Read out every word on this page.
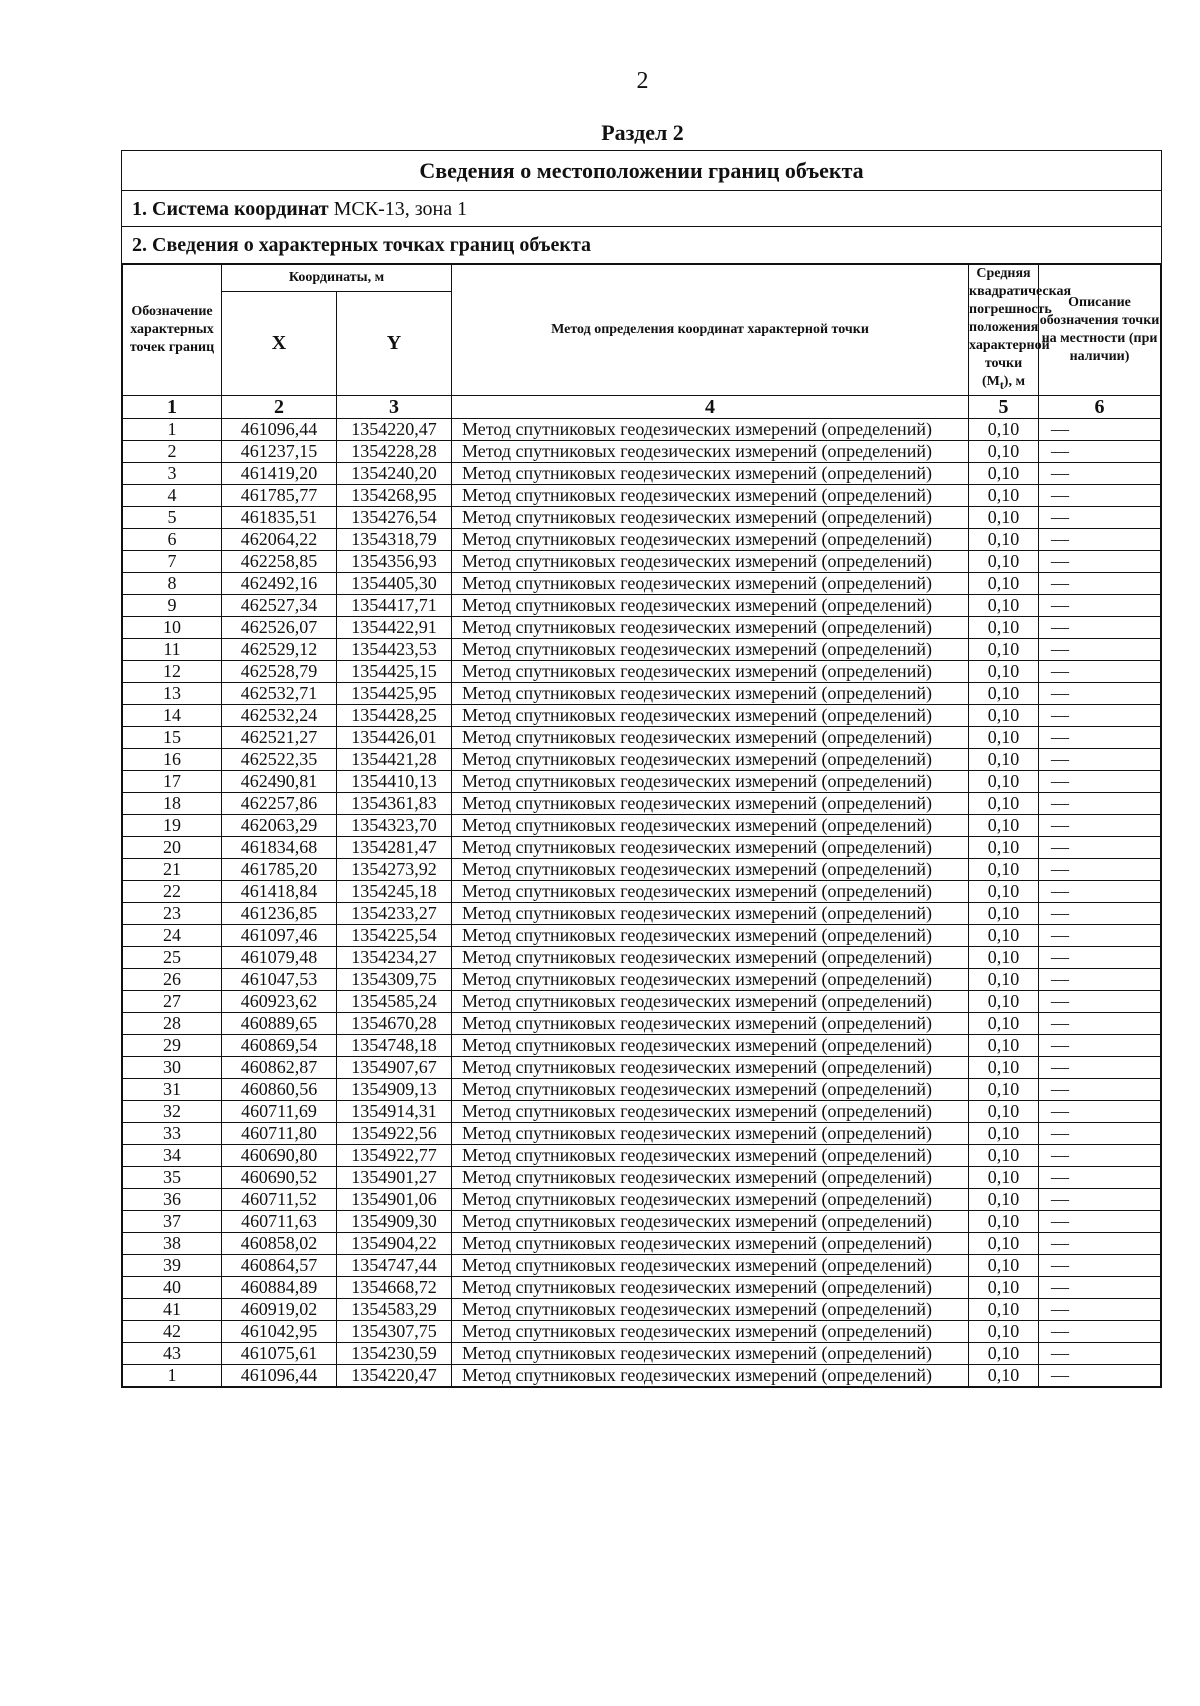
2
Раздел 2
Сведения о местоположении границ объекта
1. Система координат МСК-13, зона 1
2. Сведения о характерных точках границ объекта
Обозначение характерных точек границ	Координаты, м		Метод определения координат характерной точки	Средняя квадратическая погрешность положения характерной точки $(M_t)$, м	Описание обозначения точки на местности (при наличии)
	X	Y			
1	2	3	4	5	6
1	461096,44	1354220,47	Метод спутниковых геодезических измерений (определений)	0,10	—
2	461237,15	1354228,28	Метод спутниковых геодезических измерений (определений)	0,10	—
3	461419,20	1354240,20	Метод спутниковых геодезических измерений (определений)	0,10	—
4	461785,77	1354268,95	Метод спутниковых геодезических измерений (определений)	0,10	—
5	461835,51	1354276,54	Метод спутниковых геодезических измерений (определений)	0,10	—
6	462064,22	1354318,79	Метод спутниковых геодезических измерений (определений)	0,10	—
7	462258,85	1354356,93	Метод спутниковых геодезических измерений (определений)	0,10	—
8	462492,16	1354405,30	Метод спутниковых геодезических измерений (определений)	0,10	—
9	462527,34	1354417,71	Метод спутниковых геодезических измерений (определений)	0,10	—
10	462526,07	1354422,91	Метод спутниковых геодезических измерений (определений)	0,10	—
11	462529,12	1354423,53	Метод спутниковых геодезических измерений (определений)	0,10	—
12	462528,79	1354425,15	Метод спутниковых геодезических измерений (определений)	0,10	—
13	462532,71	1354425,95	Метод спутниковых геодезических измерений (определений)	0,10	—
14	462532,24	1354428,25	Метод спутниковых геодезических измерений (определений)	0,10	—
15	462521,27	1354426,01	Метод спутниковых геодезических измерений (определений)	0,10	—
16	462522,35	1354421,28	Метод спутниковых геодезических измерений (определений)	0,10	—
17	462490,81	1354410,13	Метод спутниковых геодезических измерений (определений)	0,10	—
18	462257,86	1354361,83	Метод спутниковых геодезических измерений (определений)	0,10	—
19	462063,29	1354323,70	Метод спутниковых геодезических измерений (определений)	0,10	—
20	461834,68	1354281,47	Метод спутниковых геодезических измерений (определений)	0,10	—
21	461785,20	1354273,92	Метод спутниковых геодезических измерений (определений)	0,10	—
22	461418,84	1354245,18	Метод спутниковых геодезических измерений (определений)	0,10	—
23	461236,85	1354233,27	Метод спутниковых геодезических измерений (определений)	0,10	—
24	461097,46	1354225,54	Метод спутниковых геодезических измерений (определений)	0,10	—
25	461079,48	1354234,27	Метод спутниковых геодезических измерений (определений)	0,10	—
26	461047,53	1354309,75	Метод спутниковых геодезических измерений (определений)	0,10	—
27	460923,62	1354585,24	Метод спутниковых геодезических измерений (определений)	0,10	—
28	460889,65	1354670,28	Метод спутниковых геодезических измерений (определений)	0,10	—
29	460869,54	1354748,18	Метод спутниковых геодезических измерений (определений)	0,10	—
30	460862,87	1354907,67	Метод спутниковых геодезических измерений (определений)	0,10	—
31	460860,56	1354909,13	Метод спутниковых геодезических измерений (определений)	0,10	—
32	460711,69	1354914,31	Метод спутниковых геодезических измерений (определений)	0,10	—
33	460711,80	1354922,56	Метод спутниковых геодезических измерений (определений)	0,10	—
34	460690,80	1354922,77	Метод спутниковых геодезических измерений (определений)	0,10	—
35	460690,52	1354901,27	Метод спутниковых геодезических измерений (определений)	0,10	—
36	460711,52	1354901,06	Метод спутниковых геодезических измерений (определений)	0,10	—
37	460711,63	1354909,30	Метод спутниковых геодезических измерений (определений)	0,10	—
38	460858,02	1354904,22	Метод спутниковых геодезических измерений (определений)	0,10	—
39	460864,57	1354747,44	Метод спутниковых геодезических измерений (определений)	0,10	—
40	460884,89	1354668,72	Метод спутниковых геодезических измерений (определений)	0,10	—
41	460919,02	1354583,29	Метод спутниковых геодезических измерений (определений)	0,10	—
42	461042,95	1354307,75	Метод спутниковых геодезических измерений (определений)	0,10	—
43	461075,61	1354230,59	Метод спутниковых геодезических измерений (определений)	0,10	—
1	461096,44	1354220,47	Метод спутниковых геодезических измерений (определений)	0,10	—
